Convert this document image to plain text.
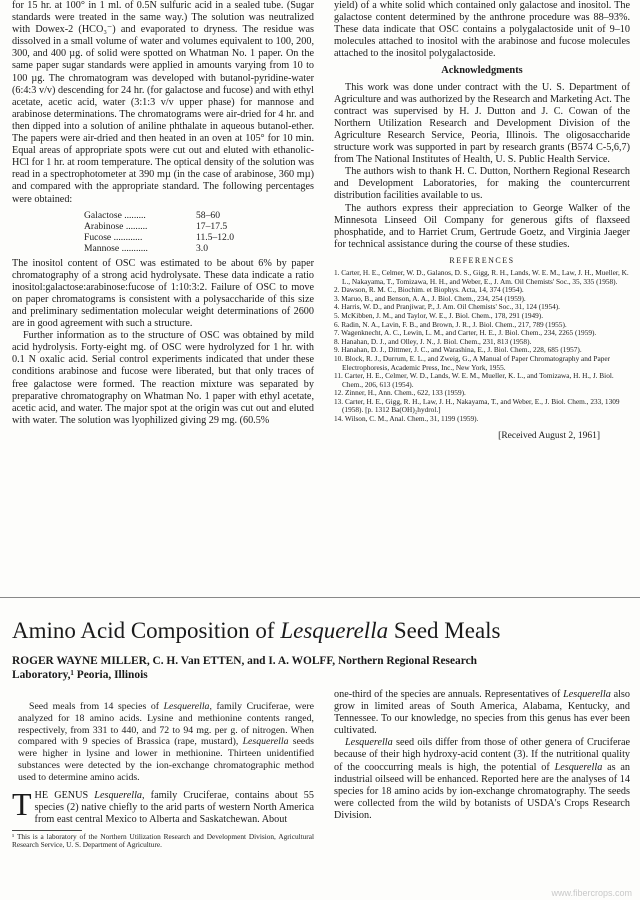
for 15 hr. at 100° in 1 ml. of 0.5N sulfuric acid in a sealed tube. (Sugar standards were treated in the same way.) The solution was neutralized with Dowex-2 (HCO₃⁻) and evaporated to dryness. The residue was dissolved in a small volume of water and volumes equivalent to 100, 200, 300, and 400 µg. of solid were spotted on Whatman No. 1 paper. On the same paper sugar standards were applied in amounts varying from 10 to 100 µg. The chromatogram was developed with butanol-pyridine-water (6:4:3 v/v) descending for 24 hr. (for galactose and fucose) and with ethyl acetate, acetic acid, water (3:1:3 v/v upper phase) for mannose and arabinose determinations. The chromatograms were air-dried for 4 hr. and then dipped into a solution of aniline phthalate in aqueous butanol-ether. The papers were air-dried and then heated in an oven at 105° for 10 min. Equal areas of appropriate spots were cut out and eluted with ethanolic-HCl for 1 hr. at room temperature. The optical density of the solution was read in a spectrophotometer at 390 mµ (in the case of arabinose, 360 mµ) and compared with the appropriate standard. The following percentages were obtained:

Galactose .........	58–60
Arabinose .........	17–17.5
Fucose ............	11.5–12.0
Mannose ...........	3.0

The inositol content of OSC was estimated to be about 6% by paper chromatography of a strong acid hydrolysate. These data indicate a ratio inositol:galactose:arabinose:fucose of 1:10:3:2. Failure of OSC to move on paper chromatograms is consistent with a polysaccharide of this size and preliminary sedimentation molecular weight determinations of 2600 are in good agreement with such a structure.

Further information as to the structure of OSC was obtained by mild acid hydrolysis. Forty-eight mg. of OSC were hydrolyzed for 1 hr. with 0.1 N oxalic acid. Serial control experiments indicated that under these conditions arabinose and fucose were liberated, but that only traces of free galactose were formed. The reaction mixture was separated by preparative chromatography on Whatman No. 1 paper with ethyl acetate, acetic acid, and water. The major spot at the origin was cut out and eluted with water. The solution was lyophilized giving 29 mg. (60.5%

yield) of a white solid which contained only galactose and inositol. The galactose content determined by the anthrone procedure was 88–93%. These data indicate that OSC contains a polygalactoside unit of 9–10 molecules attached to inositol with the arabinose and fucose molecules attached to the inositol polygalactoside.

Acknowledgments

This work was done under contract with the U. S. Department of Agriculture and was authorized by the Research and Marketing Act. The contract was supervised by H. J. Dutton and J. C. Cowan of the Northern Utilization Research and Development Division of the Agriculture Research Service, Peoria, Illinois. The oligosaccharide structure work was supported in part by research grants (B574 C-5,6,7) from The National Institutes of Health, U. S. Public Health Service.

The authors wish to thank H. C. Dutton, Northern Regional Research and Development Laboratories, for making the countercurrent distribution facilities available to us.

The authors express their appreciation to George Walker of the Minnesota Linseed Oil Company for generous gifts of flaxseed phosphatide, and to Harriet Crum, Gertrude Goetz, and Virginia Jaeger for technical assistance during the course of these studies.

REFERENCES

1. Carter, H. E., Celmer, W. D., Galanos, D. S., Gigg, R. H., Lands, W. E. M., Law, J. H., Mueller, K. L., Nakayama, T., Tomizawa, H. H., and Weber, E., J. Am. Oil Chemists' Soc., 35, 335 (1958).

2. Dawson, R. M. C., Biochim. et Biophys. Acta, 14, 374 (1954).

3. Maruo, B., and Benson, A. A., J. Biol. Chem., 234, 254 (1959).

4. Harris, W. D., and Pranjiwar, P., J. Am. Oil Chemists' Soc., 31, 124 (1954).

5. McKibben, J. M., and Taylor, W. E., J. Biol. Chem., 178, 291 (1949).

6. Radin, N. A., Lavin, F. B., and Brown, J. R., J. Biol. Chem., 217, 789 (1955).

7. Wagenknecht, A. C., Lewin, L. M., and Carter, H. E., J. Biol. Chem., 234, 2265 (1959).

8. Hanahan, D. J., and Olley, J. N., J. Biol. Chem., 231, 813 (1958).

9. Hanahan, D. J., Dittmer, J. C., and Warashina, E., J. Biol. Chem., 228, 685 (1957).

10. Block, R. J., Durrum, E. L., and Zweig, G., A Manual of Paper Chromatography and Paper Electrophoresis, Academic Press, Inc., New York, 1955.

11. Carter, H. E., Celmer, W. D., Lands, W. E. M., Mueller, K. L., and Tomizawa, H. H., J. Biol. Chem., 206, 613 (1954).

12. Zinner, H., Ann. Chem., 622, 133 (1959).

13. Carter, H. E., Gigg, R. H., Law, J. H., Nakayama, T., and Weber, E., J. Biol. Chem., 233, 1309 (1958). [p. 1312 Ba(OH)₂hydrol.]

14. Wilson, C. M., Anal. Chem., 31, 1199 (1959).

[Received August 2, 1961]
Amino Acid Composition of Lesquerella Seed Meals
ROGER WAYNE MILLER, C. H. Van ETTEN, and I. A. WOLFF, Northern Regional Research Laboratory,¹ Peoria, Illinois

Seed meals from 14 species of Lesquerella, family Cruciferae, were analyzed for 18 amino acids. Lysine and methionine contents ranged, respectively, from 331 to 440, and 72 to 94 mg. per g. of nitrogen. When compared with 9 species of Brassica (rape, mustard), Lesquerella seeds were higher in lysine and lower in methionine. Thirteen unidentified substances were detected by the ion-exchange chromatographic method used to determine amino acids.

THE GENUS Lesquerella, family Cruciferae, contains about 55 species (2) native chiefly to the arid parts of western North America from east central Mexico to Alberta and Saskatchewan. About

¹ This is a laboratory of the Northern Utilization Research and Development Division, Agricultural Research Service, U. S. Department of Agriculture.

one-third of the species are annuals. Representatives of Lesquerella also grow in limited areas of South America, Alabama, Kentucky, and Tennessee. To our knowledge, no species from this genus has ever been cultivated.

Lesquerella seed oils differ from those of other genera of Cruciferae because of their high hydroxy-acid content (3). If the nutritional quality of the cooccurring meals is high, the potential of Lesquerella as an industrial oilseed will be enhanced. Reported here are the analyses of 14 species for 18 amino acids by ion-exchange chromatography. The seeds were collected from the wild by botanists of USDA's Crops Research Division.

www.fibercrops.com
